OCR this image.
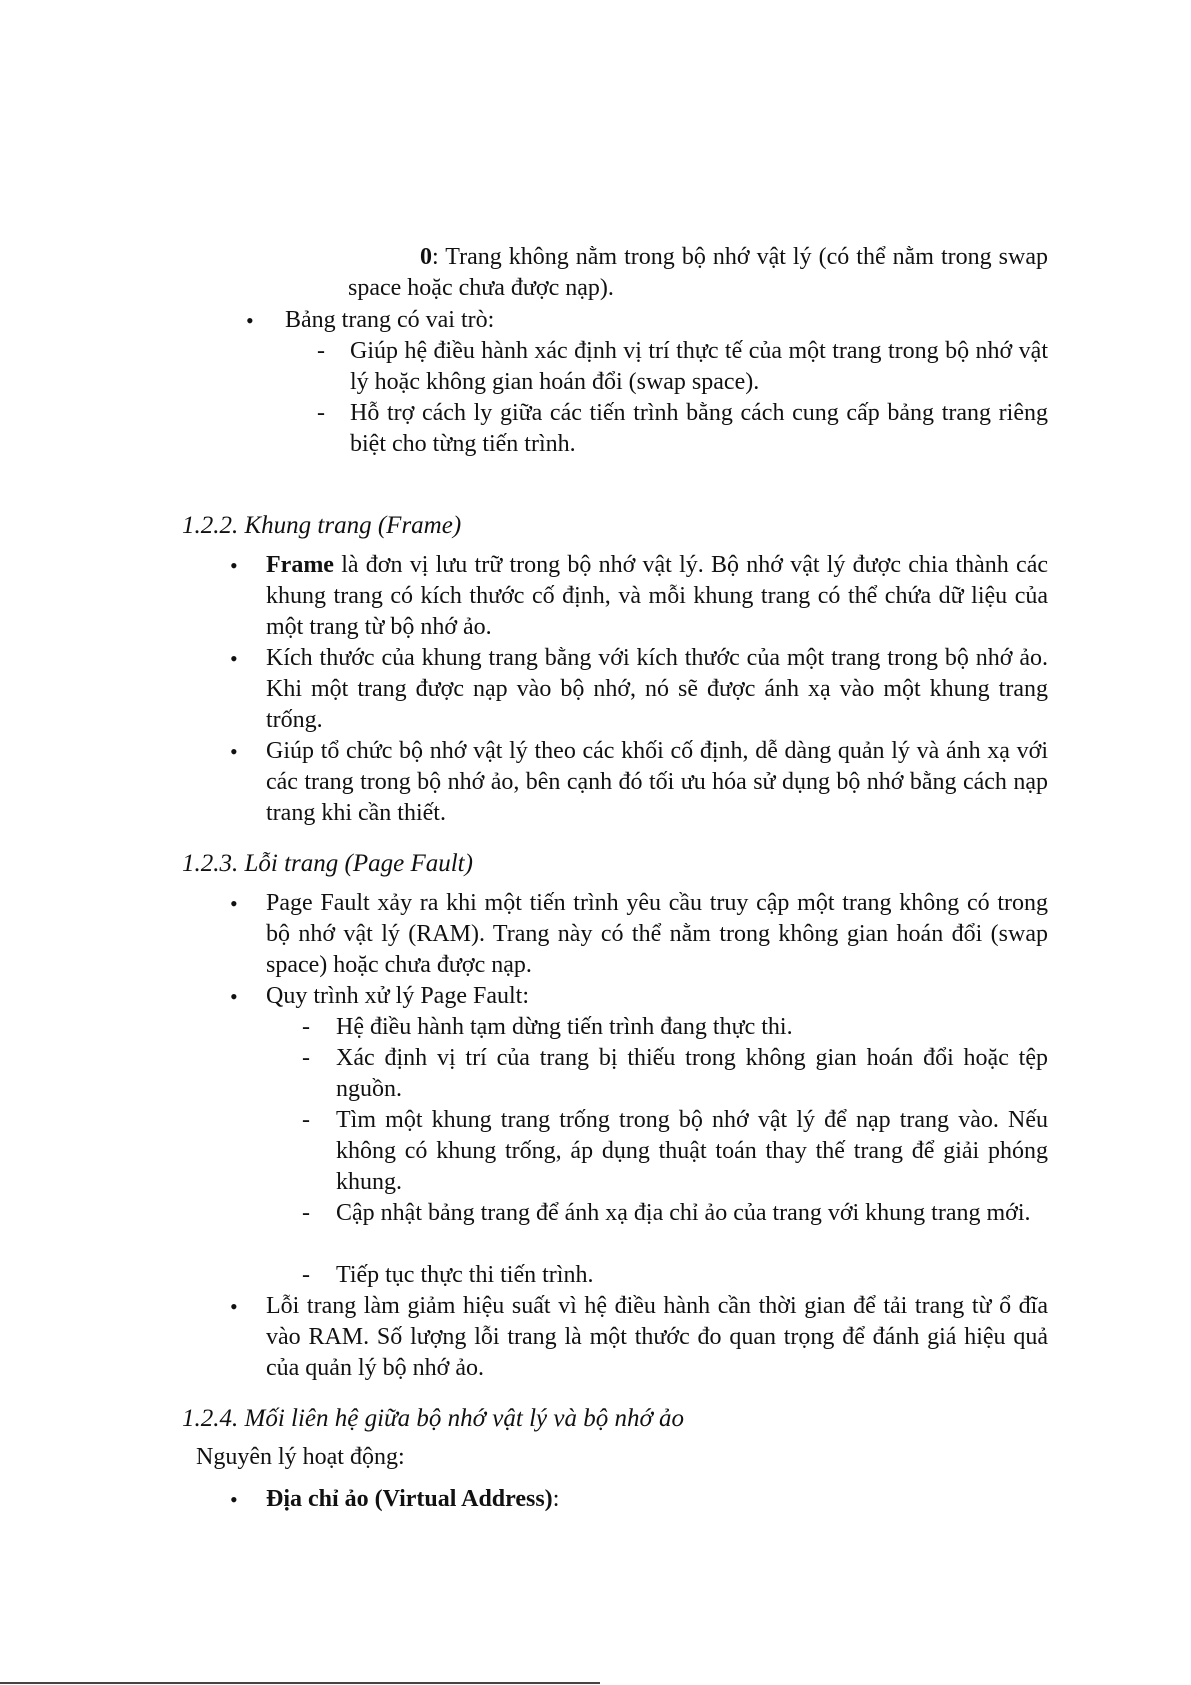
0: Trang không nằm trong bộ nhớ vật lý (có thể nằm trong swap space hoặc chưa được nạp).
• Bảng trang có vai trò:
- Giúp hệ điều hành xác định vị trí thực tế của một trang trong bộ nhớ vật lý hoặc không gian hoán đổi (swap space).
- Hỗ trợ cách ly giữa các tiến trình bằng cách cung cấp bảng trang riêng biệt cho từng tiến trình.
1.2.2. Khung trang (Frame)
• Frame là đơn vị lưu trữ trong bộ nhớ vật lý. Bộ nhớ vật lý được chia thành các khung trang có kích thước cố định, và mỗi khung trang có thể chứa dữ liệu của một trang từ bộ nhớ ảo.
• Kích thước của khung trang bằng với kích thước của một trang trong bộ nhớ ảo. Khi một trang được nạp vào bộ nhớ, nó sẽ được ánh xạ vào một khung trang trống.
• Giúp tổ chức bộ nhớ vật lý theo các khối cố định, dễ dàng quản lý và ánh xạ với các trang trong bộ nhớ ảo, bên cạnh đó tối ưu hóa sử dụng bộ nhớ bằng cách nạp trang khi cần thiết.
1.2.3. Lỗi trang (Page Fault)
• Page Fault xảy ra khi một tiến trình yêu cầu truy cập một trang không có trong bộ nhớ vật lý (RAM). Trang này có thể nằm trong không gian hoán đổi (swap space) hoặc chưa được nạp.
• Quy trình xử lý Page Fault:
- Hệ điều hành tạm dừng tiến trình đang thực thi.
- Xác định vị trí của trang bị thiếu trong không gian hoán đổi hoặc tệp nguồn.
- Tìm một khung trang trống trong bộ nhớ vật lý để nạp trang vào. Nếu không có khung trống, áp dụng thuật toán thay thế trang để giải phóng khung.
- Cập nhật bảng trang để ánh xạ địa chỉ ảo của trang với khung trang mới.
- Tiếp tục thực thi tiến trình.
• Lỗi trang làm giảm hiệu suất vì hệ điều hành cần thời gian để tải trang từ ổ đĩa vào RAM. Số lượng lỗi trang là một thước đo quan trọng để đánh giá hiệu quả của quản lý bộ nhớ ảo.
1.2.4. Mối liên hệ giữa bộ nhớ vật lý và bộ nhớ ảo
Nguyên lý hoạt động:
• Địa chỉ ảo (Virtual Address):
